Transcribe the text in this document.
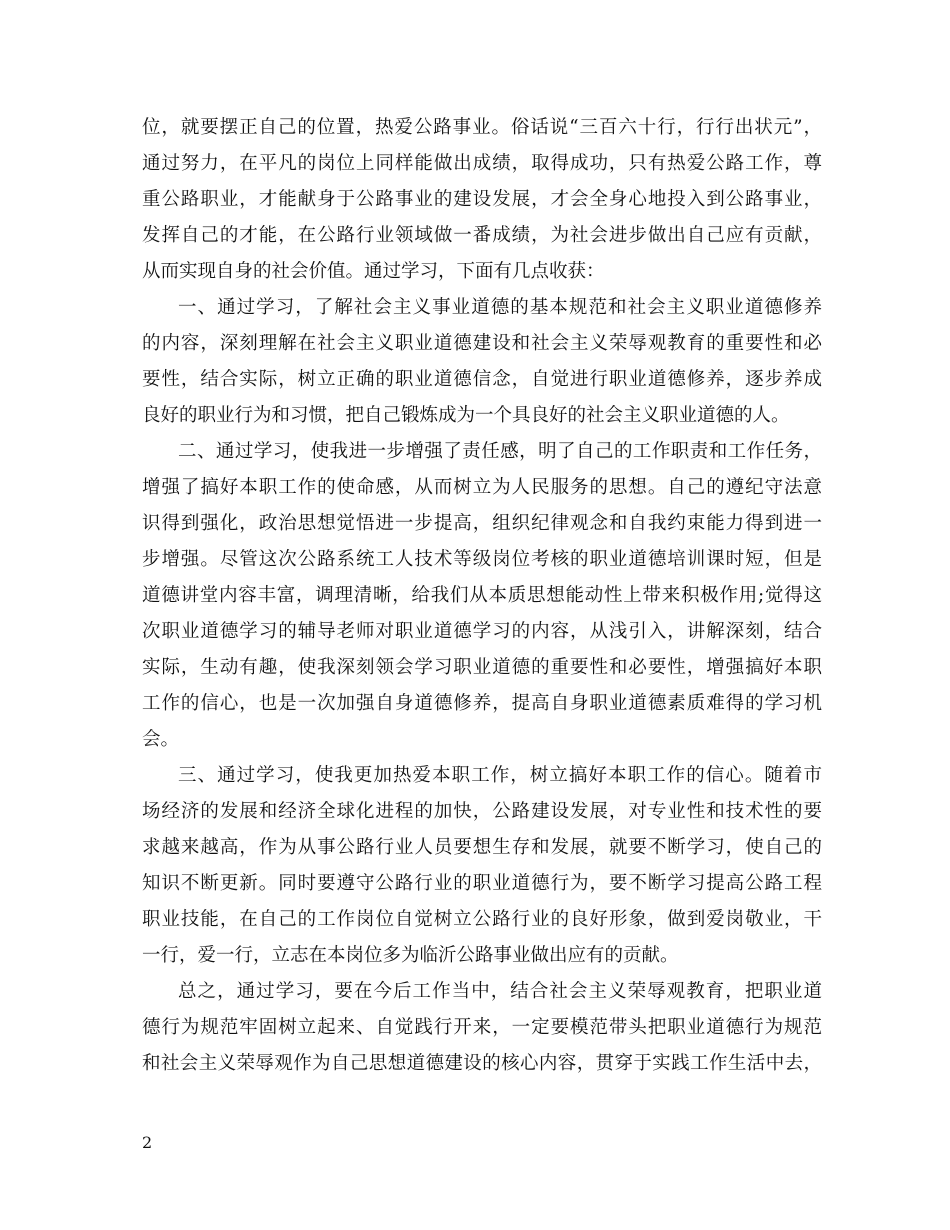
位，就要摆正自己的位置，热爱公路事业。俗话说“三百六十行，行行出状元”，
通过努力，在平凡的岗位上同样能做出成绩，取得成功，只有热爱公路工作，尊
重公路职业，才能献身于公路事业的建设发展，才会全身心地投入到公路事业，
发挥自己的才能，在公路行业领域做一番成绩，为社会进步做出自己应有贡献，
从而实现自身的社会价值。通过学习，下面有几点收获：
一、通过学习，了解社会主义事业道德的基本规范和社会主义职业道德修养
的内容，深刻理解在社会主义职业道德建设和社会主义荣辱观教育的重要性和必
要性，结合实际，树立正确的职业道德信念，自觉进行职业道德修养，逐步养成
良好的职业行为和习惯，把自己锻炼成为一个具良好的社会主义职业道德的人。
二、通过学习，使我进一步增强了责任感，明了自己的工作职责和工作任务，
增强了搞好本职工作的使命感，从而树立为人民服务的思想。自己的遵纪守法意
识得到强化，政治思想觉悟进一步提高，组织纪律观念和自我约束能力得到进一
步增强。尽管这次公路系统工人技术等级岗位考核的职业道德培训课时短，但是
道德讲堂内容丰富，调理清晰，给我们从本质思想能动性上带来积极作用;觉得这
次职业道德学习的辅导老师对职业道德学习的内容，从浅引入，讲解深刻，结合
实际，生动有趣，使我深刻领会学习职业道德的重要性和必要性，增强搞好本职
工作的信心，也是一次加强自身道德修养，提高自身职业道德素质难得的学习机
会。
三、通过学习，使我更加热爱本职工作，树立搞好本职工作的信心。随着市
场经济的发展和经济全球化进程的加快，公路建设发展，对专业性和技术性的要
求越来越高，作为从事公路行业人员要想生存和发展，就要不断学习，使自己的
知识不断更新。同时要遵守公路行业的职业道德行为，要不断学习提高公路工程
职业技能，在自己的工作岗位自觉树立公路行业的良好形象，做到爱岗敬业，干
一行，爱一行，立志在本岗位多为临沂公路事业做出应有的贡献。
总之，通过学习，要在今后工作当中，结合社会主义荣辱观教育，把职业道
德行为规范牢固树立起来、自觉践行开来，一定要模范带头把职业道德行为规范
和社会主义荣辱观作为自己思想道德建设的核心内容，贯穿于实践工作生活中去，
2
